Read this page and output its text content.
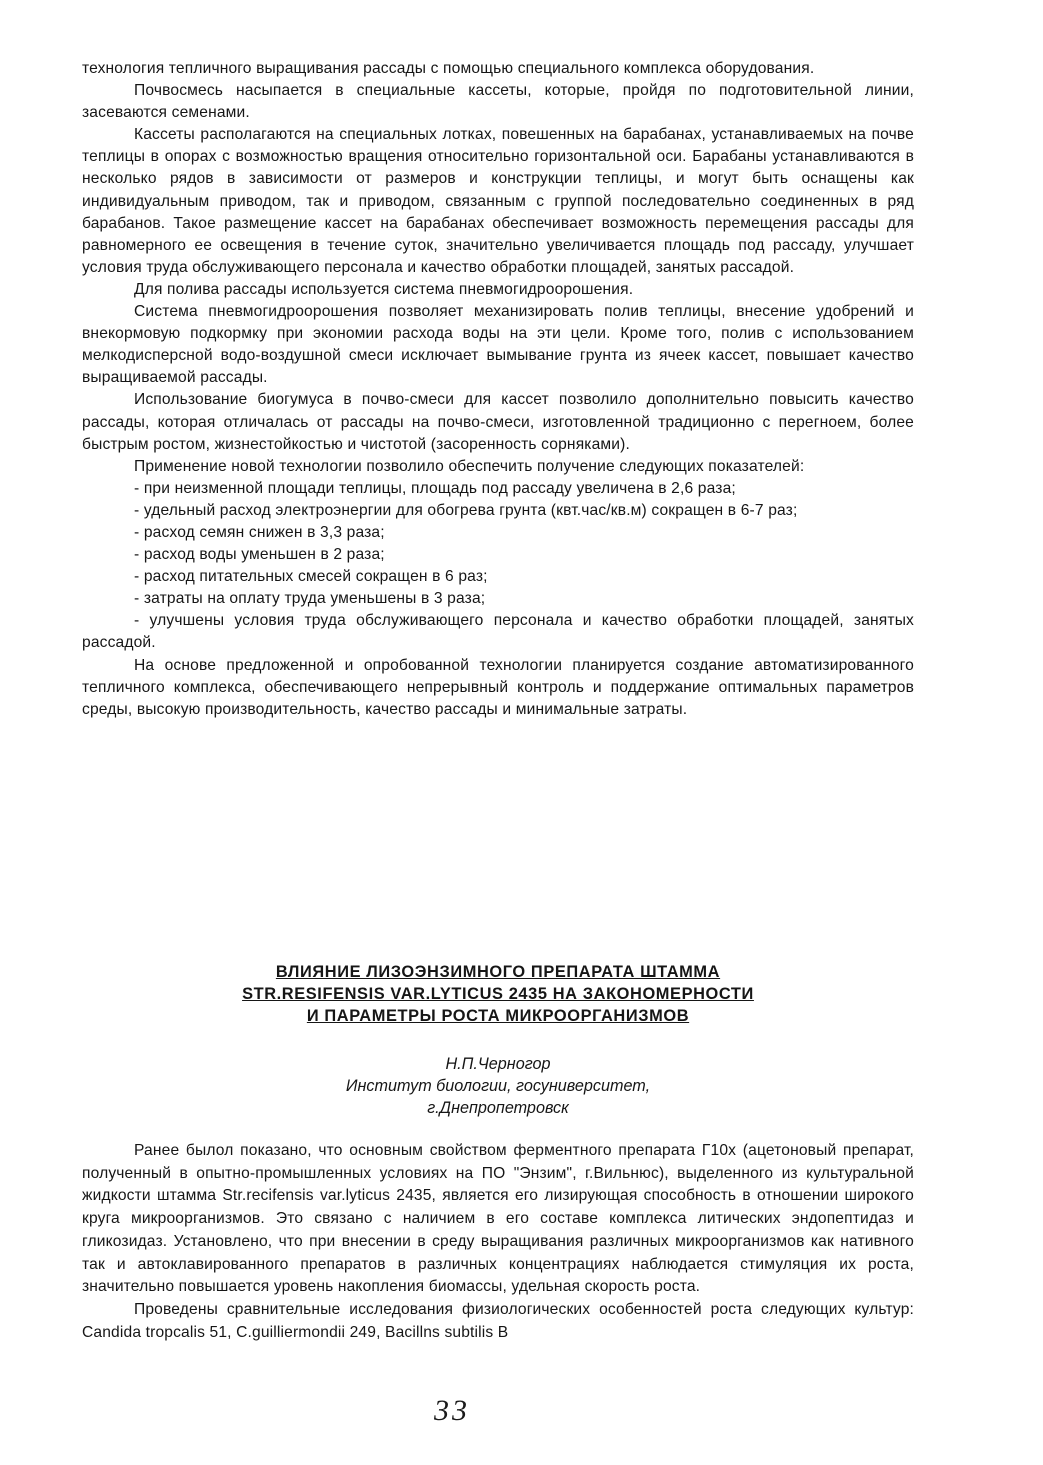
технология тепличного выращивания рассады с помощью специального комплекса оборудования.

Почвосмесь насыпается в специальные кассеты, которые, пройдя по подготовительной линии, засеваются семенами.

Кассеты располагаются на специальных лотках, повешенных на барабанах, устанавливаемых на почве теплицы в опорах с возможностью вращения относительно горизонтальной оси. Барабаны устанавливаются в несколько рядов в зависимости от размеров и конструкции теплицы, и могут быть оснащены как индивидуальным приводом, так и приводом, связанным с группой последовательно соединенных в ряд барабанов. Такое размещение кассет на барабанах обеспечивает возможность перемещения рассады для равномерного ее освещения в течение суток, значительно увеличивается площадь под рассаду, улучшает условия труда обслуживающего персонала и качество обработки площадей, занятых рассадой.

Для полива рассады используется система пневмогидроорошения.

Система пневмогидроорошения позволяет механизировать полив теплицы, внесение удобрений и внекормовую подкормку при экономии расхода воды на эти цели. Кроме того, полив с использованием мелкодисперсной водо-воздушной смеси исключает вымывание грунта из ячеек кассет, повышает качество выращиваемой рассады.

Использование биогумуса в почво-смеси для кассет позволило дополнительно повысить качество рассады, которая отличалась от рассады на почво-смеси, изготовленной традиционно с перегноем, более быстрым ростом, жизнестойкостью и чистотой (засоренность сорняками).

Применение новой технологии позволило обеспечить получение следующих показателей:

- при неизменной площади теплицы, площадь под рассаду увеличена в 2,6 раза;

- удельный расход электроэнергии для обогрева грунта (квт.час/кв.м) сокращен в 6-7 раз;

- расход семян снижен в 3,3 раза;

- расход воды уменьшен в 2 раза;

- расход питательных смесей сокращен в 6 раз;

- затраты на оплату труда уменьшены в 3 раза;

- улучшены условия труда обслуживающего персонала и качество обработки площадей, занятых рассадой.

На основе предложенной и опробованной технологии планируется создание автоматизированного тепличного комплекса, обеспечивающего непрерывный контроль и поддержание оптимальных параметров среды, высокую производительность, качество рассады и минимальные затраты.

ВЛИЯНИЕ ЛИЗОЭНЗИМНОГО ПРЕПАРАТА ШТАММА
STR.RESIFENSIS VAR.LYTICUS 2435 НА ЗАКОНОМЕРНОСТИ
И ПАРАМЕТРЫ РОСТА МИКРООРГАНИЗМОВ
Н.П.Черногор
Институт биологии, госуниверситет,
г.Днепропетровск

Ранее былол показано, что основным свойством ферментного препарата Г10х (ацетоновый препарат, полученный в опытно-промышленных условиях на ПО "Энзим", г.Вильнюс), выделенного из культуральной жидкости штамма Str.recifensis var.lyticus 2435, является его лизирующая способность в отношении широкого круга микроорганизмов. Это связано с наличием в его составе комплекса литических эндопептидаз и гликозидаз. Установлено, что при внесении в среду выращивания различных микроорганизмов как нативного так и автоклавированного препаратов в различных концентрациях наблюдается стимуляция их роста, значительно повышается уровень накопления биомассы, удельная скорость роста.

Проведены сравнительные исследования физиологических особенностей роста следующих культур: Candida tropcalis 51, C.guilliermondii 249, Bacillns subtilis B

33
